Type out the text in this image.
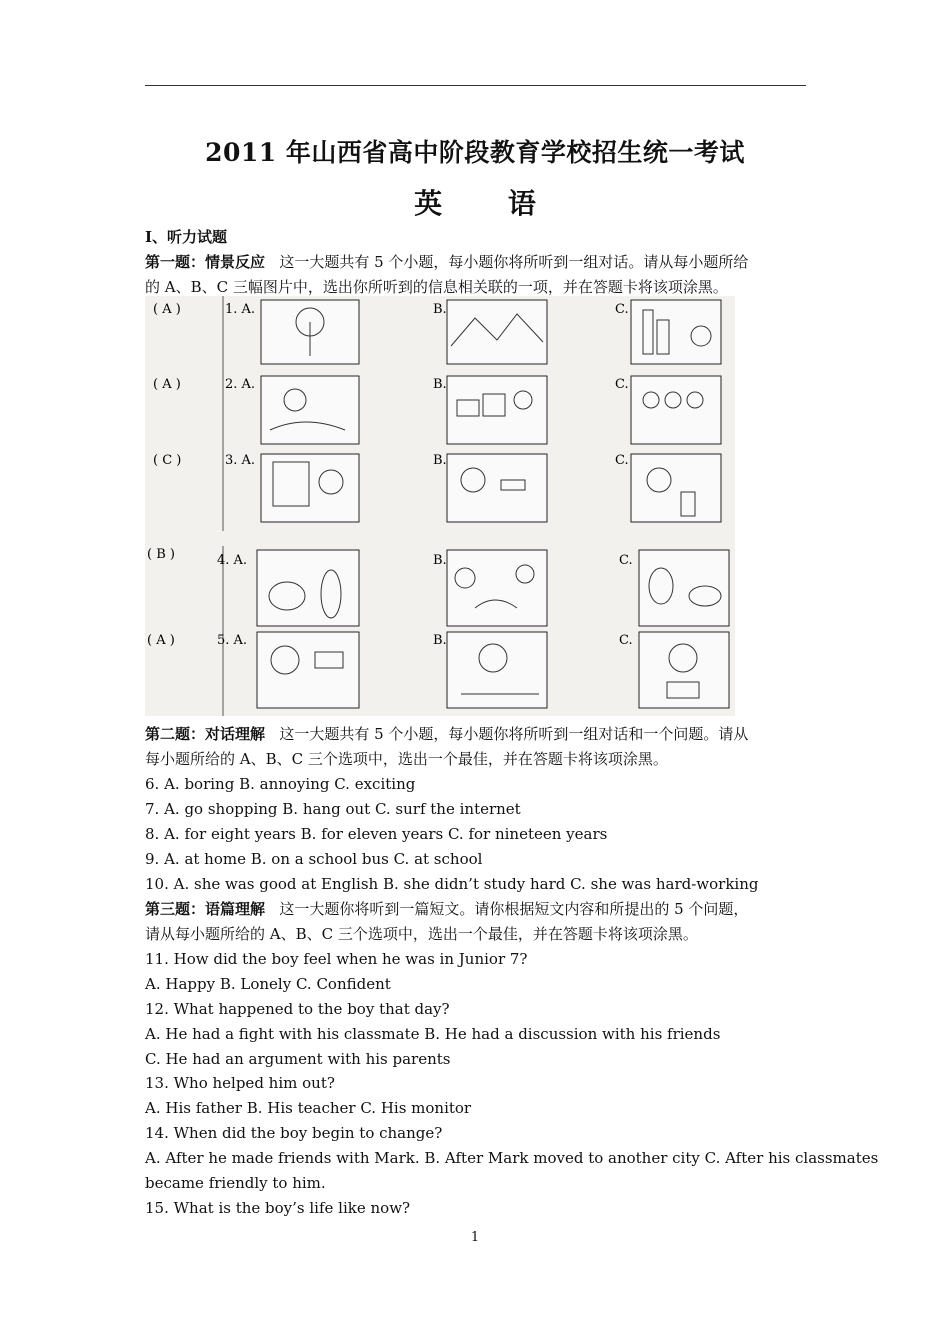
2011 年山西省高中阶段教育学校招生统一考试
英 语
I、听力试题
第一题：情景反应 这一大题共有 5 个小题，每小题你将所听到一组对话。请从每小题所给
的 A、B、C 三幅图片中，选出你所听到的信息相关联的一项，并在答题卡将该项涂黑。
( A )	1. A.	B.	C.
( A )	2. A.	B.	C.
( C )	3. A.	B.	C.
( B )	4. A.	B.	C.
( A )	5. A.	B.	C.
第二题：对话理解 这一大题共有 5 个小题，每小题你将所听到一组对话和一个问题。请从
每小题所给的 A、B、C 三个选项中，选出一个最佳，并在答题卡将该项涂黑。
6. A. boring B. annoying C. exciting
7. A. go shopping B. hang out C. surf the internet
8. A. for eight years B. for eleven years C. for nineteen years
9. A. at home B. on a school bus C. at school
10. A. she was good at English B. she didn’t study hard C. she was hard-working
第三题：语篇理解 这一大题你将听到一篇短文。请你根据短文内容和所提出的 5 个问题，
请从每小题所给的 A、B、C 三个选项中，选出一个最佳，并在答题卡将该项涂黑。
11. How did the boy feel when he was in Junior 7?
A. Happy B. Lonely C. Confident
12. What happened to the boy that day?
A. He had a fight with his classmate B. He had a discussion with his friends
C. He had an argument with his parents
13. Who helped him out?
A. His father B. His teacher C. His monitor
14. When did the boy begin to change?
A. After he made friends with Mark. B. After Mark moved to another city C. After his classmates
became friendly to him.
15. What is the boy’s life like now?
1
